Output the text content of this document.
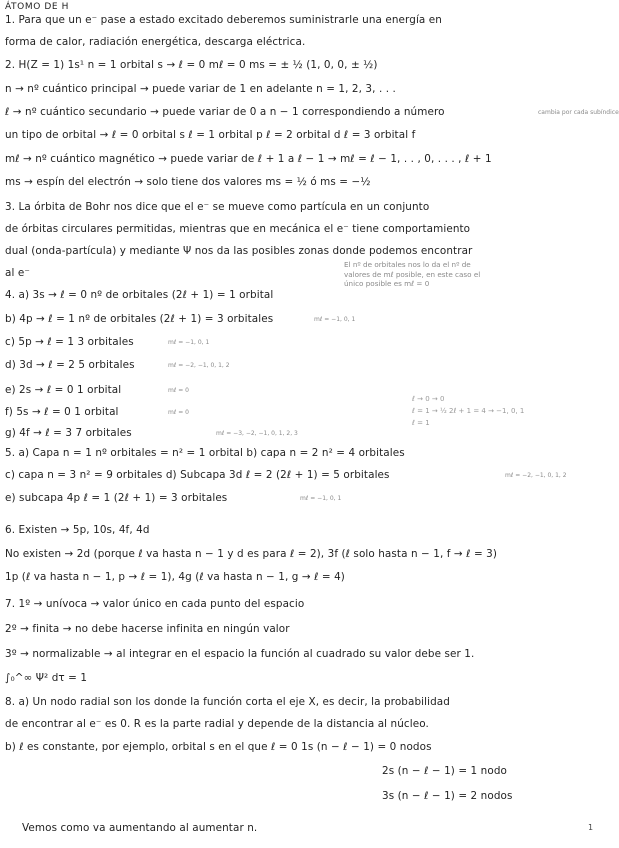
ÁTOMO DE H
1. Para que un e⁻ pase a estado excitado deberemos suministrarle una energía en
forma de calor, radiación energética, descarga eléctrica.
2. H(Z = 1) 1s¹ n = 1 orbital s → ℓ = 0 mℓ = 0 ms = ± ½ (1, 0, 0, ± ½)
n → nº cuántico principal → puede variar de 1 en adelante n = 1, 2, 3, . . .
ℓ → nº cuántico secundario → puede variar de 0 a n − 1 correspondiendo a número	cambia por cada subíndice
un tipo de orbital → ℓ = 0 orbital s ℓ = 1 orbital p ℓ = 2 orbital d ℓ = 3 orbital f
mℓ → nº cuántico magnético → puede variar de ℓ + 1 a ℓ − 1 → mℓ = ℓ − 1, . . , 0, . . . , ℓ + 1
ms → espín del electrón → solo tiene dos valores ms = ½ ó ms = −½
3. La órbita de Bohr nos dice que el e⁻ se mueve como partícula en un conjunto
de órbitas circulares permitidas, mientras que en mecánica el e⁻ tiene comportamiento
dual (onda-partícula) y mediante Ψ nos da las posibles zonas donde podemos encontrar
al e⁻
El nº de orbitales nos lo da el nº de valores de mℓ posible, en este caso el único posible es mℓ = 0
4. a) 3s → ℓ = 0 nº de orbitales (2ℓ + 1) = 1 orbital
b) 4p → ℓ = 1 nº de orbitales (2ℓ + 1) = 3 orbitales	mℓ = −1, 0, 1
c) 5p → ℓ = 1 3 orbitales	mℓ = −1, 0, 1
d) 3d → ℓ = 2 5 orbitales	mℓ = −2, −1, 0, 1, 2
e) 2s → ℓ = 0 1 orbital	mℓ = 0
f) 5s → ℓ = 0 1 orbital	mℓ = 0
ℓ → 0 → 0
ℓ = 1 → ½ 2ℓ + 1 = 4 → −1, 0, 1
ℓ = 1
g) 4f → ℓ = 3 7 orbitales	mℓ = −3, −2, −1, 0, 1, 2, 3
5. a) Capa n = 1 nº orbitales = n² = 1 orbital b) capa n = 2 n² = 4 orbitales
c) capa n = 3 n² = 9 orbitales d) Subcapa 3d ℓ = 2 (2ℓ + 1) = 5 orbitales	mℓ = −2, −1, 0, 1, 2
e) subcapa 4p ℓ = 1 (2ℓ + 1) = 3 orbitales	mℓ = −1, 0, 1
6. Existen → 5p, 10s, 4f, 4d
No existen → 2d (porque ℓ va hasta n − 1 y d es para ℓ = 2), 3f (ℓ solo hasta n − 1, f → ℓ = 3)
1p (ℓ va hasta n − 1, p → ℓ = 1), 4g (ℓ va hasta n − 1, g → ℓ = 4)
7. 1º → unívoca → valor único en cada punto del espacio
2º → finita → no debe hacerse infinita en ningún valor
3º → normalizable → al integrar en el espacio la función al cuadrado su valor debe ser 1.
∫₀^∞ Ψ² dτ = 1
8. a) Un nodo radial son los donde la función corta el eje X, es decir, la probabilidad
de encontrar al e⁻ es 0. R es la parte radial y depende de la distancia al núcleo.
b) ℓ es constante, por ejemplo, orbital s en el que ℓ = 0 1s (n − ℓ − 1) = 0 nodos
2s (n − ℓ − 1) = 1 nodo
3s (n − ℓ − 1) = 2 nodos
Vemos como va aumentando al aumentar n.	1
